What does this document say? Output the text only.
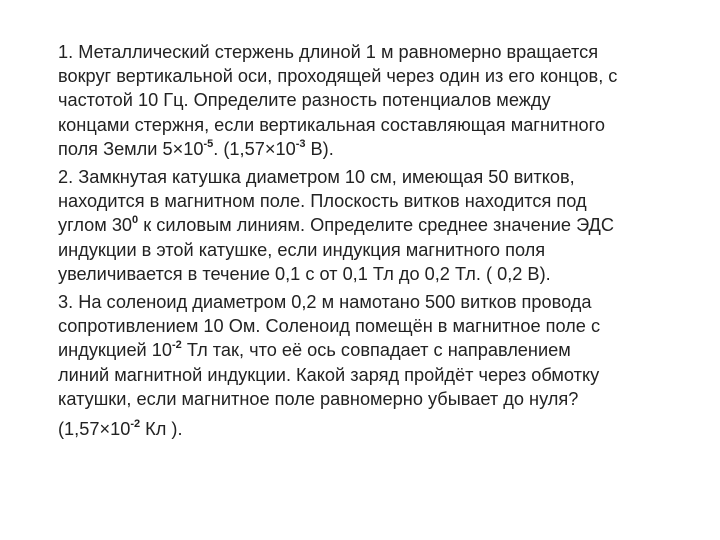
1. Металлический стержень длиной 1 м равномерно вращается
вокруг вертикальной оси, проходящей через один из его концов, с
частотой 10 Гц. Определите разность потенциалов между
концами стержня, если вертикальная составляющая магнитного
поля Земли $5\times 10^{-5}$. ($1,57\times 10^{-3}$ В).
2. Замкнутая катушка диаметром 10 см, имеющая 50 витков,
находится в магнитном поле. Плоскость витков находится под
углом $30^0$ к силовым линиям. Определите среднее значение ЭДС
индукции в этой катушке, если индукция магнитного поля
увеличивается в течение 0,1 с от 0,1 Тл до 0,2 Тл. ( 0,2 В).
3. На соленоид диаметром 0,2 м намотано 500 витков провода
сопротивлением 10 Ом. Соленоид помещён в магнитное поле с
индукцией $10^{-2}$ Тл так, что её ось совпадает с направлением
линий магнитной индукции. Какой заряд пройдёт через обмотку
катушки, если магнитное поле равномерно убывает до нуля?
($1,57\times 10^{-2}$ Кл ).
